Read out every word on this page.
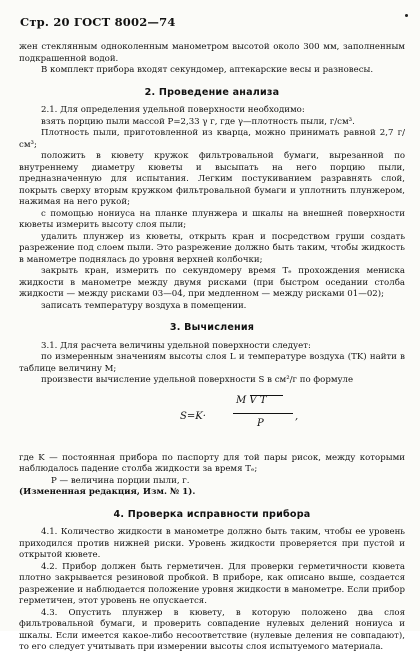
Стр. 20 ГОСТ 8002—74

жен стеклянным одноколенным манометром высотой около 300 мм, заполненным подкрашенной водой.

В комплект прибора входят секундомер, аптекарские весы и разновесы.

2. Проведение анализа

2.1. Для определения удельной поверхности необходимо:

взять порцию пыли массой P=2,33 γ г, где γ—плотность пыли, г/см³.

Плотность пыли, приготовленной из кварца, можно принимать равной 2,7 г/см³;

положить в кювету кружок фильтровальной бумаги, вырезанной по внутреннему диаметру кюветы и высыпать на него порцию пыли, предназначенную для испытания. Легким постукиванием разравнять слой, покрыть сверху вторым кружком фильтровальной бумаги и уплотнить плунжером, нажимая на него рукой;

с помощью нониуса на планке плунжера и шкалы на внешней поверхности кюветы измерить высоту слоя пыли;

удалить плунжер из кюветы, открыть кран и посредством груши создать разрежение под слоем пыли. Это разрежение должно быть таким, чтобы жидкость в манометре поднялась до уровня верхней колбочки;

закрыть кран, измерить по секундомеру время Tₑ прохождения мениска жидкости в манометре между двумя рисками (при быстром оседании столба жидкости — между рисками 03—04, при медленном — между рисками 01—02);

записать температуру воздуха в помещении.

3. Вычисления

3.1. Для расчета величины удельной поверхности следует:

по измеренным значениям высоты слоя L и температуре воздуха (TK) найти в таблице величину M;

произвести вычисление удельной поверхности S в см²/г по формуле

S=K·
M V T
P
,

где K — постоянная прибора по паспорту для той пары рисок, между которыми наблюдалось падение столба жидкости за время Tₑ;

P — величина порции пыли, г.

(Измененная редакция, Изм. № 1).

4. Проверка исправности прибора

4.1. Количество жидкости в манометре должно быть таким, чтобы ее уровень приходился против нижней риски. Уровень жидкости проверяется при пустой и открытой кювете.

4.2. Прибор должен быть герметичен. Для проверки герметичности кювета плотно закрывается резиновой пробкой. В приборе, как описано выше, создается разрежение и наблюдается положение уровня жидкости в манометре. Если прибор герметичен, этот уровень не опускается.

4.3. Опустить плунжер в кювету, в которую положено два слоя фильтровальной бумаги, и проверить совпадение нулевых делений нониуса и шкалы. Если имеется какое-либо несоответствие (нулевые деления не совпадают), то его следует учитывать при измерении высоты слоя испытуемого материала.
